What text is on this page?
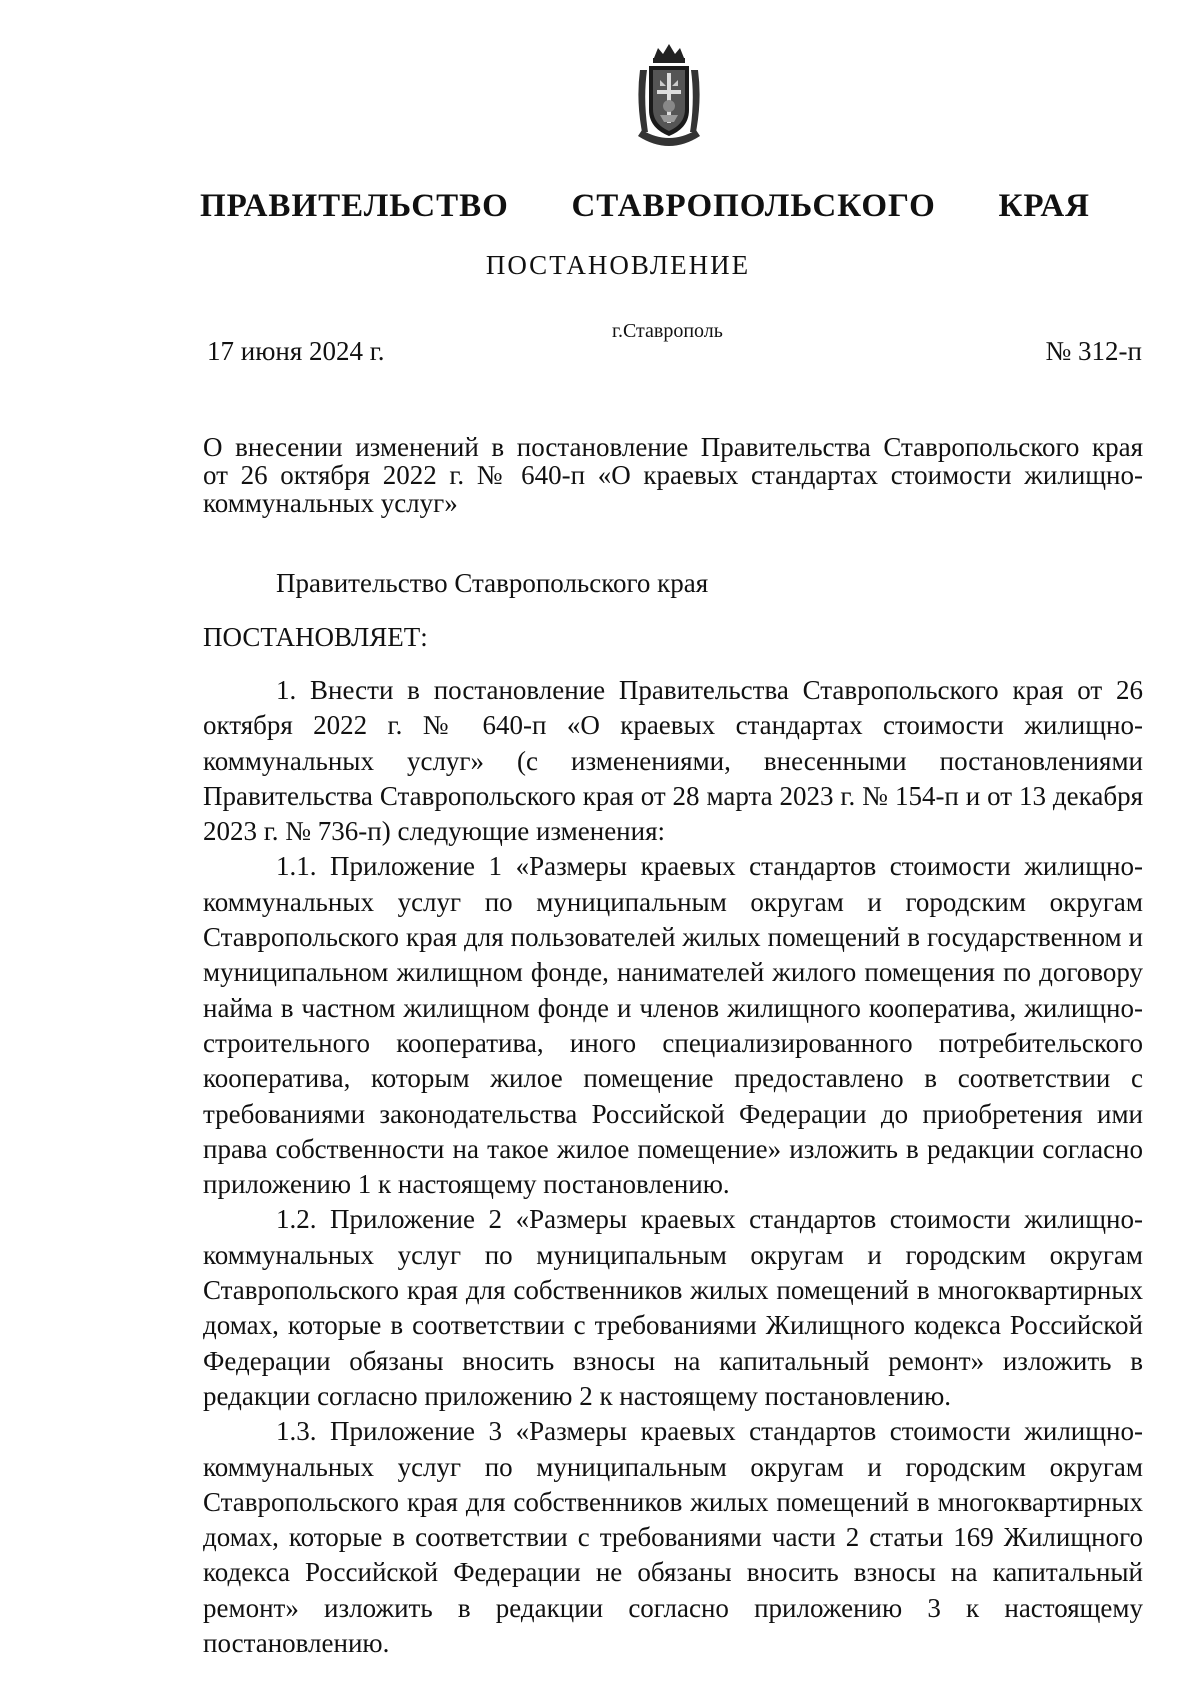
ПРАВИТЕЛЬСТВО СТАВРОПОЛЬСКОГО КРАЯ
ПОСТАНОВЛЕНИЕ
17 июня 2024 г.
г.Ставрополь
№ 312-п
О внесении изменений в постановление Правительства Ставропольского края
от 26 октября 2022 г. № 640-п «О краевых стандартах стоимости жилищно-
коммунальных услуг»
Правительство Ставропольского края
ПОСТАНОВЛЯЕТ:

1. Внести в постановление Правительства Ставропольского края от 26 октября 2022 г. № 640-п «О краевых стандартах стоимости жилищно-коммунальных услуг» (с изменениями, внесенными постановлениями Правительства Ставропольского края от 28 марта 2023 г. № 154-п и от 13 декабря 2023 г. № 736-п) следующие изменения:

1.1. Приложение 1 «Размеры краевых стандартов стоимости жилищно-коммунальных услуг по муниципальным округам и городским округам Ставропольского края для пользователей жилых помещений в государственном и муниципальном жилищном фонде, нанимателей жилого помещения по договору найма в частном жилищном фонде и членов жилищного кооператива, жилищно-строительного кооператива, иного специализированного потребительского кооператива, которым жилое помещение предоставлено в соответствии с требованиями законодательства Российской Федерации до приобретения ими права собственности на такое жилое помещение» изложить в редакции согласно приложению 1 к настоящему постановлению.

1.2. Приложение 2 «Размеры краевых стандартов стоимости жилищно-коммунальных услуг по муниципальным округам и городским округам Ставропольского края для собственников жилых помещений в многоквартирных домах, которые в соответствии с требованиями Жилищного кодекса Российской Федерации обязаны вносить взносы на капитальный ремонт» изложить в редакции согласно приложению 2 к настоящему постановлению.

1.3. Приложение 3 «Размеры краевых стандартов стоимости жилищно-коммунальных услуг по муниципальным округам и городским округам Ставропольского края для собственников жилых помещений в многоквартирных домах, которые в соответствии с требованиями части 2 статьи 169 Жилищного кодекса Российской Федерации не обязаны вносить взносы на капитальный ремонт» изложить в редакции согласно приложению 3 к настоящему постановлению.
